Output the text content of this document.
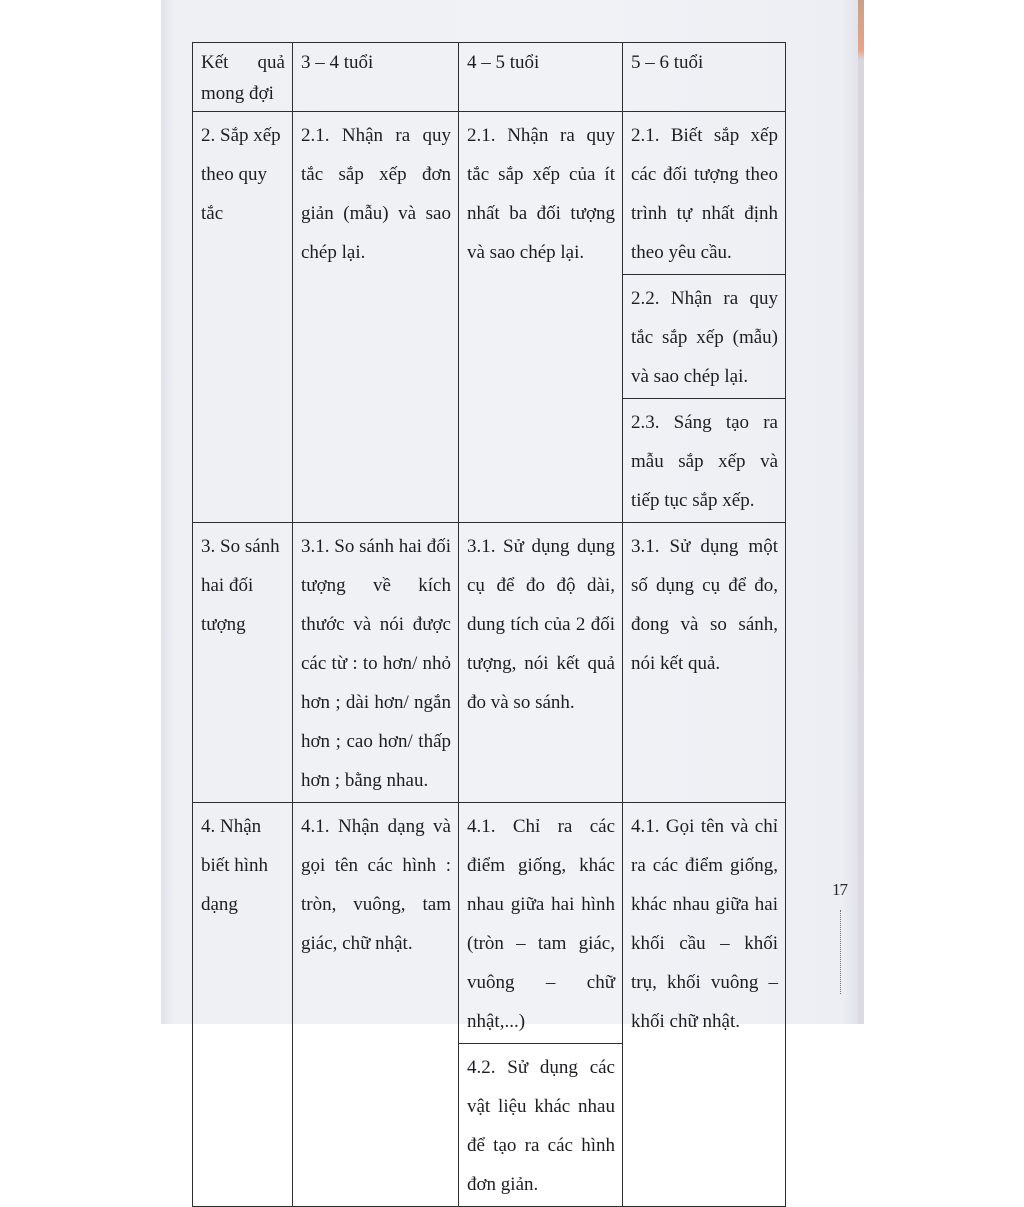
Kết quả mong đợi	3 – 4 tuổi	4 – 5 tuổi	5 – 6 tuổi
2. Sắp xếp theo quy tắc	2.1. Nhận ra quy tắc sắp xếp đơn giản (mẫu) và sao chép lại.	2.1. Nhận ra quy tắc sắp xếp của ít nhất ba đối tượng và sao chép lại.	2.1. Biết sắp xếp các đối tượng theo trình tự nhất định theo yêu cầu.
			2.2. Nhận ra quy tắc sắp xếp (mẫu) và sao chép lại.
			2.3. Sáng tạo ra mẫu sắp xếp và tiếp tục sắp xếp.
3. So sánh hai đối tượng	3.1. So sánh hai đối tượng về kích thước và nói được các từ : to hơn/ nhỏ hơn ; dài hơn/ ngắn hơn ; cao hơn/ thấp hơn ; bằng nhau.	3.1. Sử dụng dụng cụ để đo độ dài, dung tích của 2 đối tượng, nói kết quả đo và so sánh.	3.1. Sử dụng một số dụng cụ để đo, đong và so sánh, nói kết quả.
4. Nhận biết hình dạng	4.1. Nhận dạng và gọi tên các hình : tròn, vuông, tam giác, chữ nhật.	4.1. Chỉ ra các điểm giống, khác nhau giữa hai hình (tròn – tam giác, vuông – chữ nhật,...)	4.1. Gọi tên và chỉ ra các điểm giống, khác nhau giữa hai khối cầu – khối trụ, khối vuông – khối chữ nhật.
		4.2. Sử dụng các vật liệu khác nhau để tạo ra các hình đơn giản.	
17
